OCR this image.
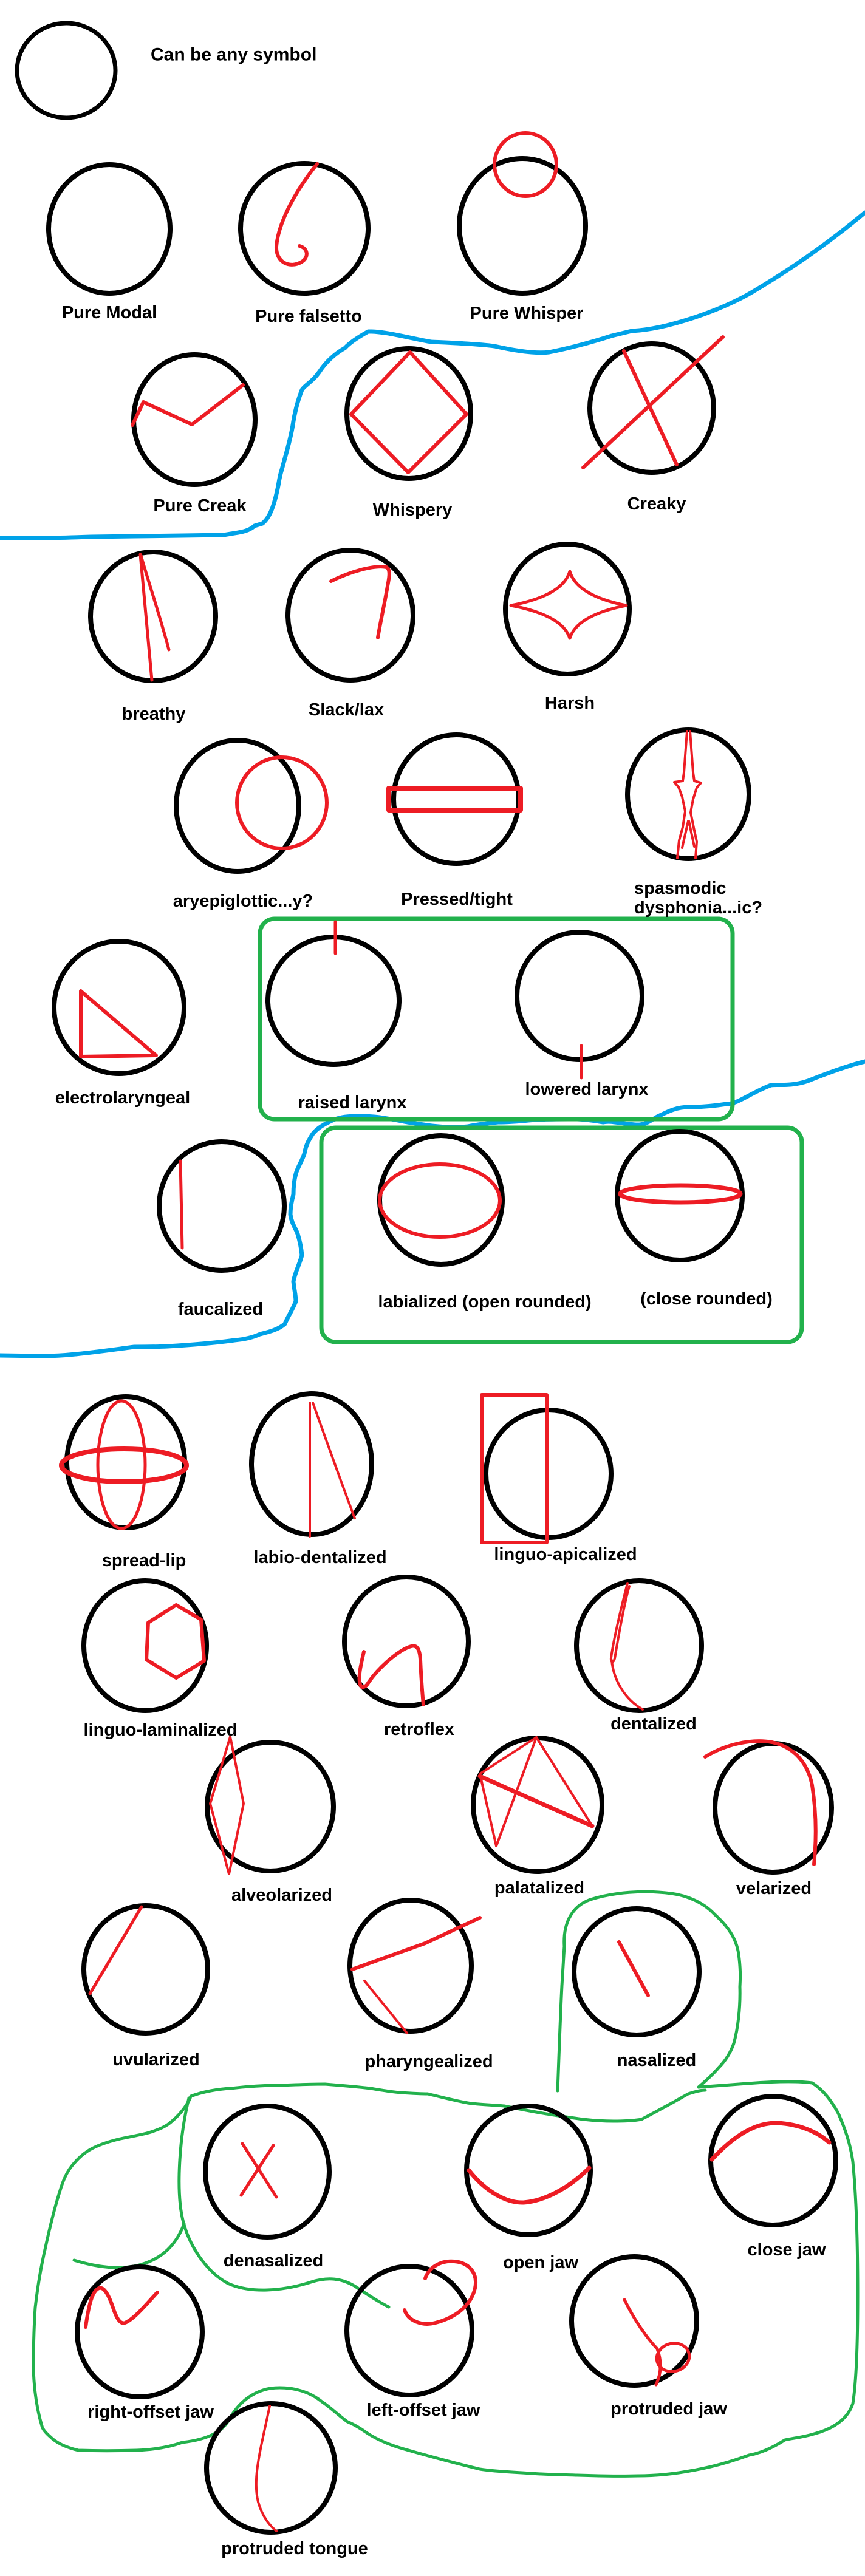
Can be any symbol
Pure Modal	Pure falsetto	Pure Whisper
Pure Creak	Whispery	Creaky
breathy	Slack/lax	Harsh
aryepiglottic...y?	Pressed/tight
spasmodic
dysphonia...ic?
electrolaryngeal	raised larynx
lowered larynx
faucalized	labialized (open rounded)	(close rounded)
spread-lip	labio-dentalized	linguo-apicalized
linguo-laminalized	retroflex	dentalized
alveolarized	palatalized	velarized
uvularized	pharyngealized	nasalized
denasalized	open jaw
close jaw
right-offset jaw	left-offset jaw	protruded jaw
protruded tongue
